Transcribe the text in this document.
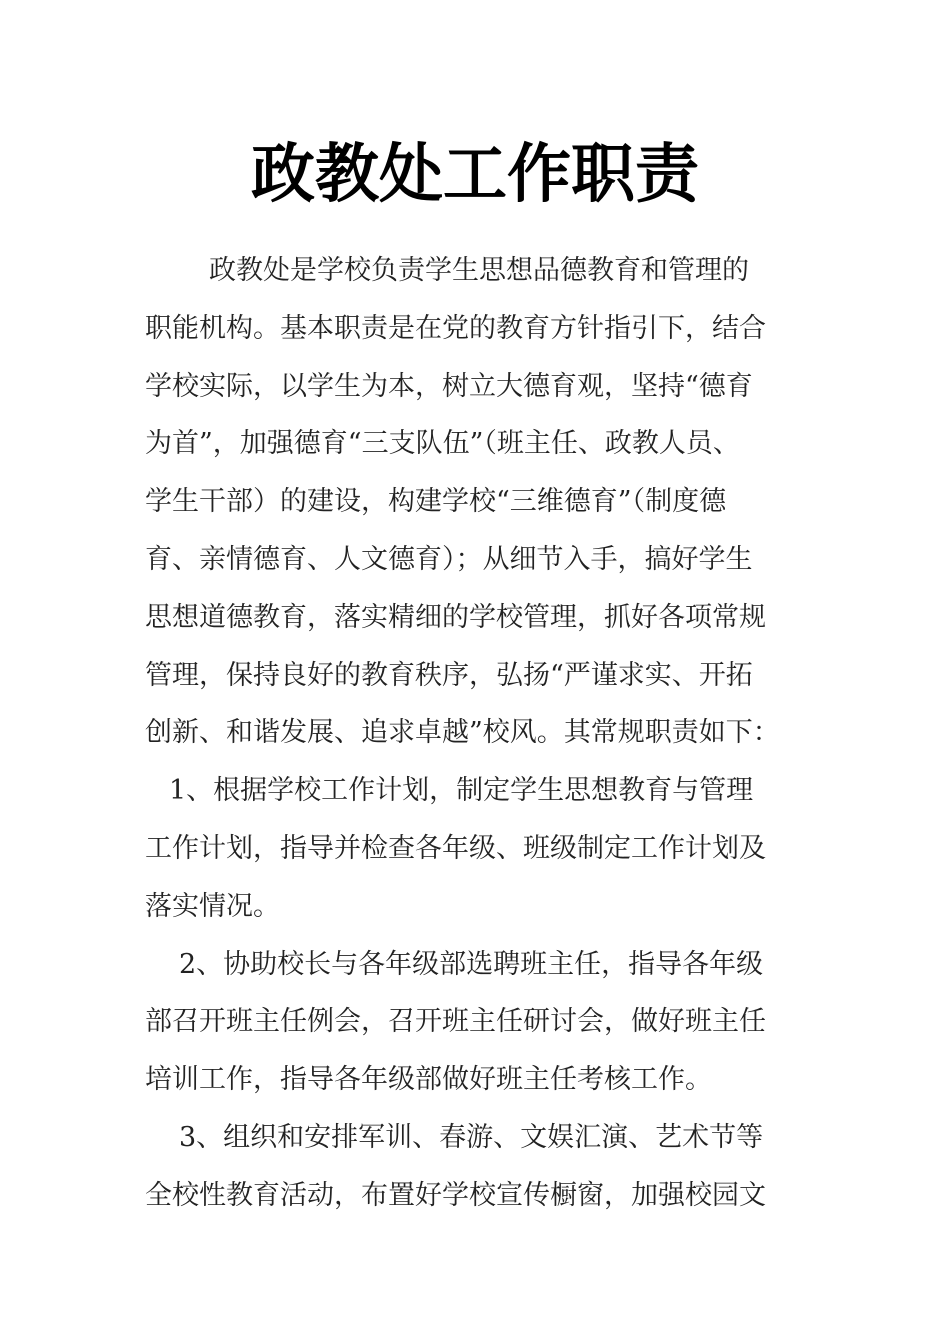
政教处工作职责
政教处是学校负责学生思想品德教育和管理的
职能机构。基本职责是在党的教育方针指引下，结合
学校实际，以学生为本，树立大德育观，坚持“德育
为首”，加强德育“三支队伍”（班主任、政教人员、
学生干部）的建设，构建学校“三维德育”（制度德
育、亲情德育、人文德育）；从细节入手，搞好学生
思想道德教育，落实精细的学校管理，抓好各项常规
管理，保持良好的教育秩序，弘扬“严谨求实、开拓
创新、和谐发展、追求卓越”校风。其常规职责如下：
1、根据学校工作计划，制定学生思想教育与管理
工作计划，指导并检查各年级、班级制定工作计划及
落实情况。
2、协助校长与各年级部选聘班主任，指导各年级
部召开班主任例会，召开班主任研讨会，做好班主任
培训工作，指导各年级部做好班主任考核工作。
3、组织和安排军训、春游、文娱汇演、艺术节等
全校性教育活动，布置好学校宣传橱窗，加强校园文
